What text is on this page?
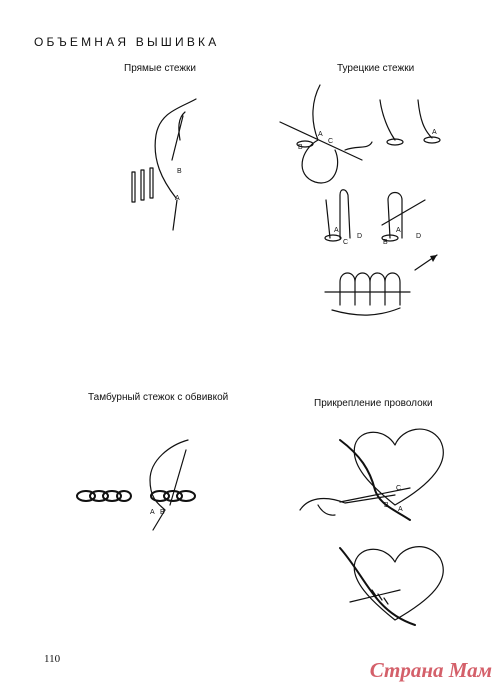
ОБЪЕМНАЯ ВЫШИВКА
Прямые стежки	Турецкие стежки
Тамбурный стежок с обвивкой
Прикрепление проволоки
B
A
A
C
B
A
A
C
D
A
B
D
A B
C
B
A
110	Страна Мам
